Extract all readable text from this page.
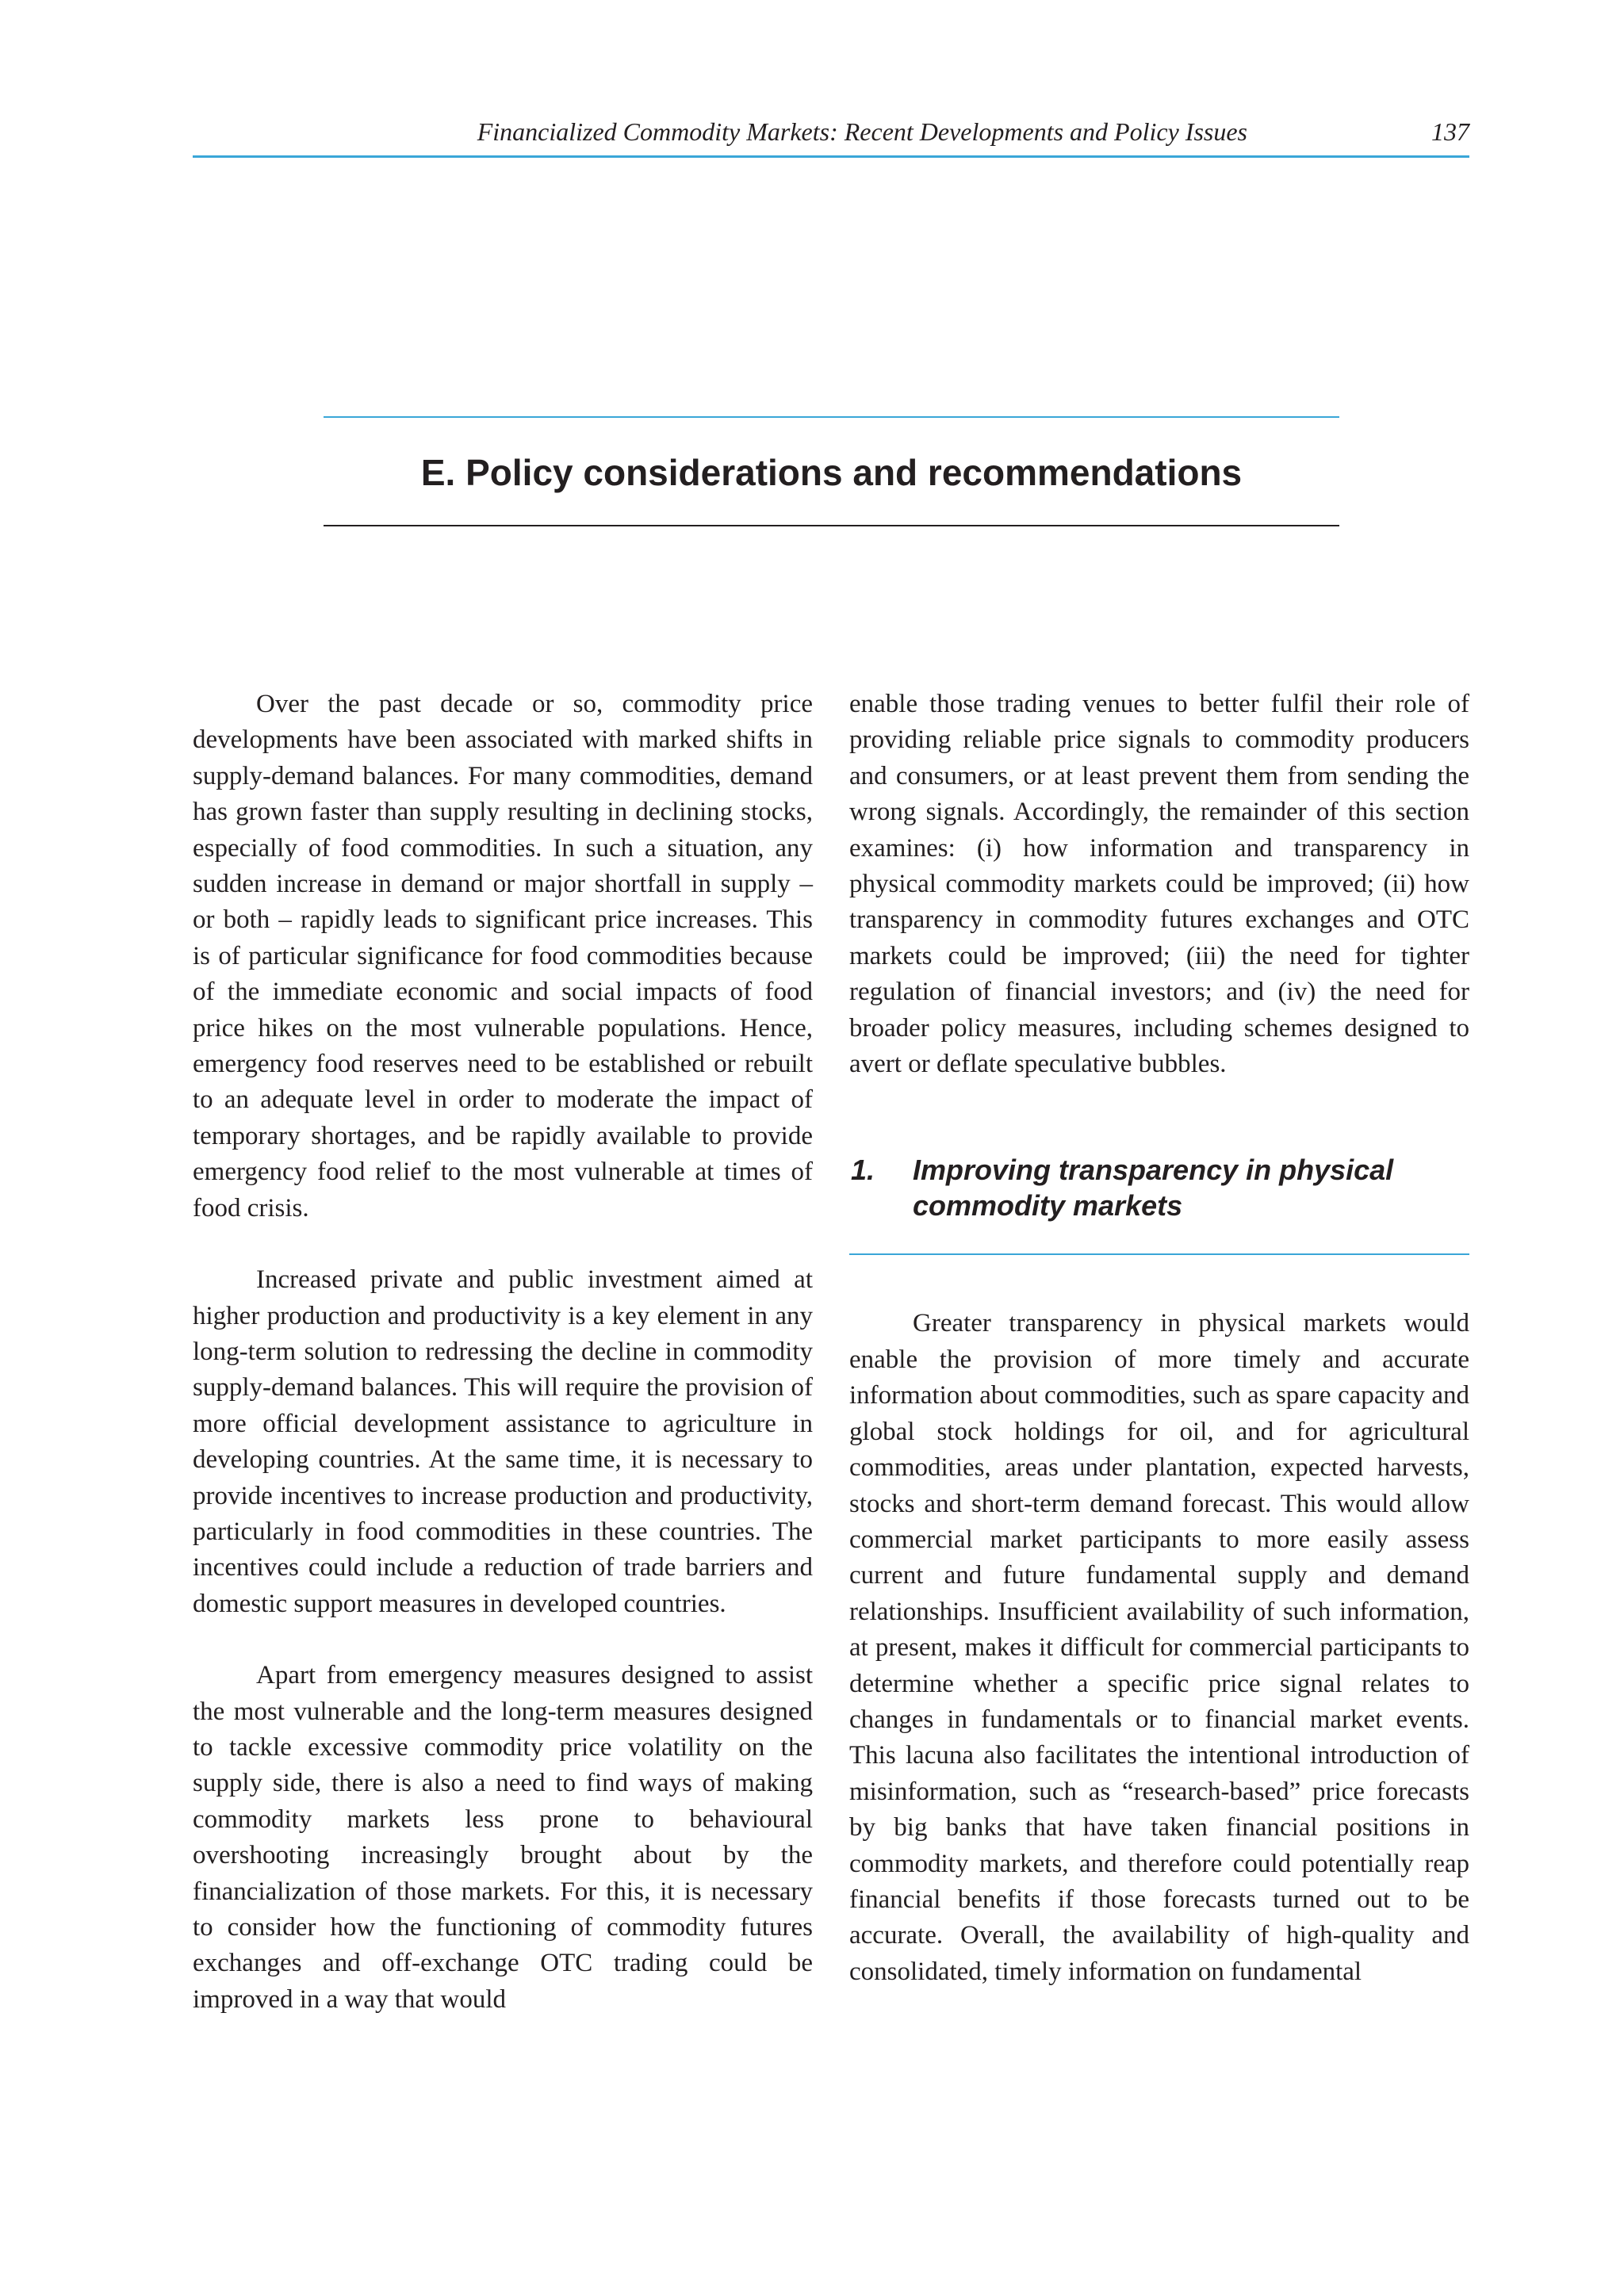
Financialized Commodity Markets: Recent Developments and Policy Issues	137
E. Policy considerations and recommendations

Over the past decade or so, commodity price developments have been associated with marked shifts in supply-demand balances. For many commodities, demand has grown faster than supply resulting in declining stocks, especially of food commodities. In such a situation, any sudden increase in demand or major shortfall in supply – or both – rapidly leads to significant price increases. This is of particular significance for food commodities because of the immediate economic and social impacts of food price hikes on the most vulnerable populations. Hence, emergency food reserves need to be established or rebuilt to an adequate level in order to moderate the impact of temporary shortages, and be rapidly available to provide emergency food relief to the most vulnerable at times of food crisis.

Increased private and public investment aimed at higher production and productivity is a key element in any long-term solution to redressing the decline in commodity supply-demand balances. This will require the provision of more official development assistance to agriculture in developing countries. At the same time, it is necessary to provide incentives to increase production and productivity, particularly in food commodities in these countries. The incentives could include a reduction of trade barriers and domestic support measures in developed countries.

Apart from emergency measures designed to assist the most vulnerable and the long-term measures designed to tackle excessive commodity price volatility on the supply side, there is also a need to find ways of making commodity markets less prone to behavioural overshooting increasingly brought about by the financialization of those markets. For this, it is necessary to consider how the functioning of commodity futures exchanges and off-exchange OTC trading could be improved in a way that would

enable those trading venues to better fulfil their role of providing reliable price signals to commodity producers and consumers, or at least prevent them from sending the wrong signals. Accordingly, the remainder of this section examines: (i) how information and transparency in physical commodity markets could be improved; (ii) how transparency in commodity futures exchanges and OTC markets could be improved; (iii) the need for tighter regulation of financial investors; and (iv) the need for broader policy measures, including schemes designed to avert or deflate speculative bubbles.

1. Improving transparency in physical commodity markets

Greater transparency in physical markets would enable the provision of more timely and accurate information about commodities, such as spare capacity and global stock holdings for oil, and for agricultural commodities, areas under plantation, expected harvests, stocks and short-term demand forecast. This would allow commercial market participants to more easily assess current and future fundamental supply and demand relationships. Insufficient availability of such information, at present, makes it difficult for commercial participants to determine whether a specific price signal relates to changes in fundamentals or to financial market events. This lacuna also facilitates the intentional introduction of misinformation, such as “research-based” price forecasts by big banks that have taken financial positions in commodity markets, and therefore could potentially reap financial benefits if those forecasts turned out to be accurate. Overall, the availability of high-quality and consolidated, timely information on fundamental
